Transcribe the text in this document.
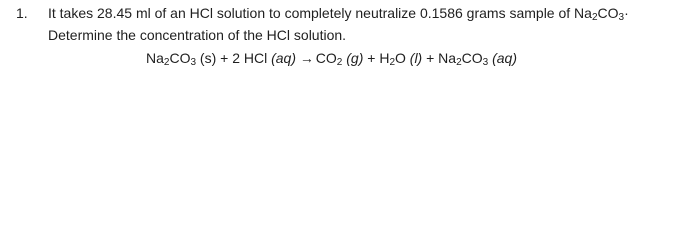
1. It takes 28.45 ml of an HCl solution to completely neutralize 0.1586 grams sample of $Na_2CO_3\cdot$
Determine the concentration of the HCl solution.
$Na_2CO_3$ (s) + 2 HCl $(aq) \to CO_2$ $(g) + H_2O$ $(l) + Na_2CO_3$ (aq)
